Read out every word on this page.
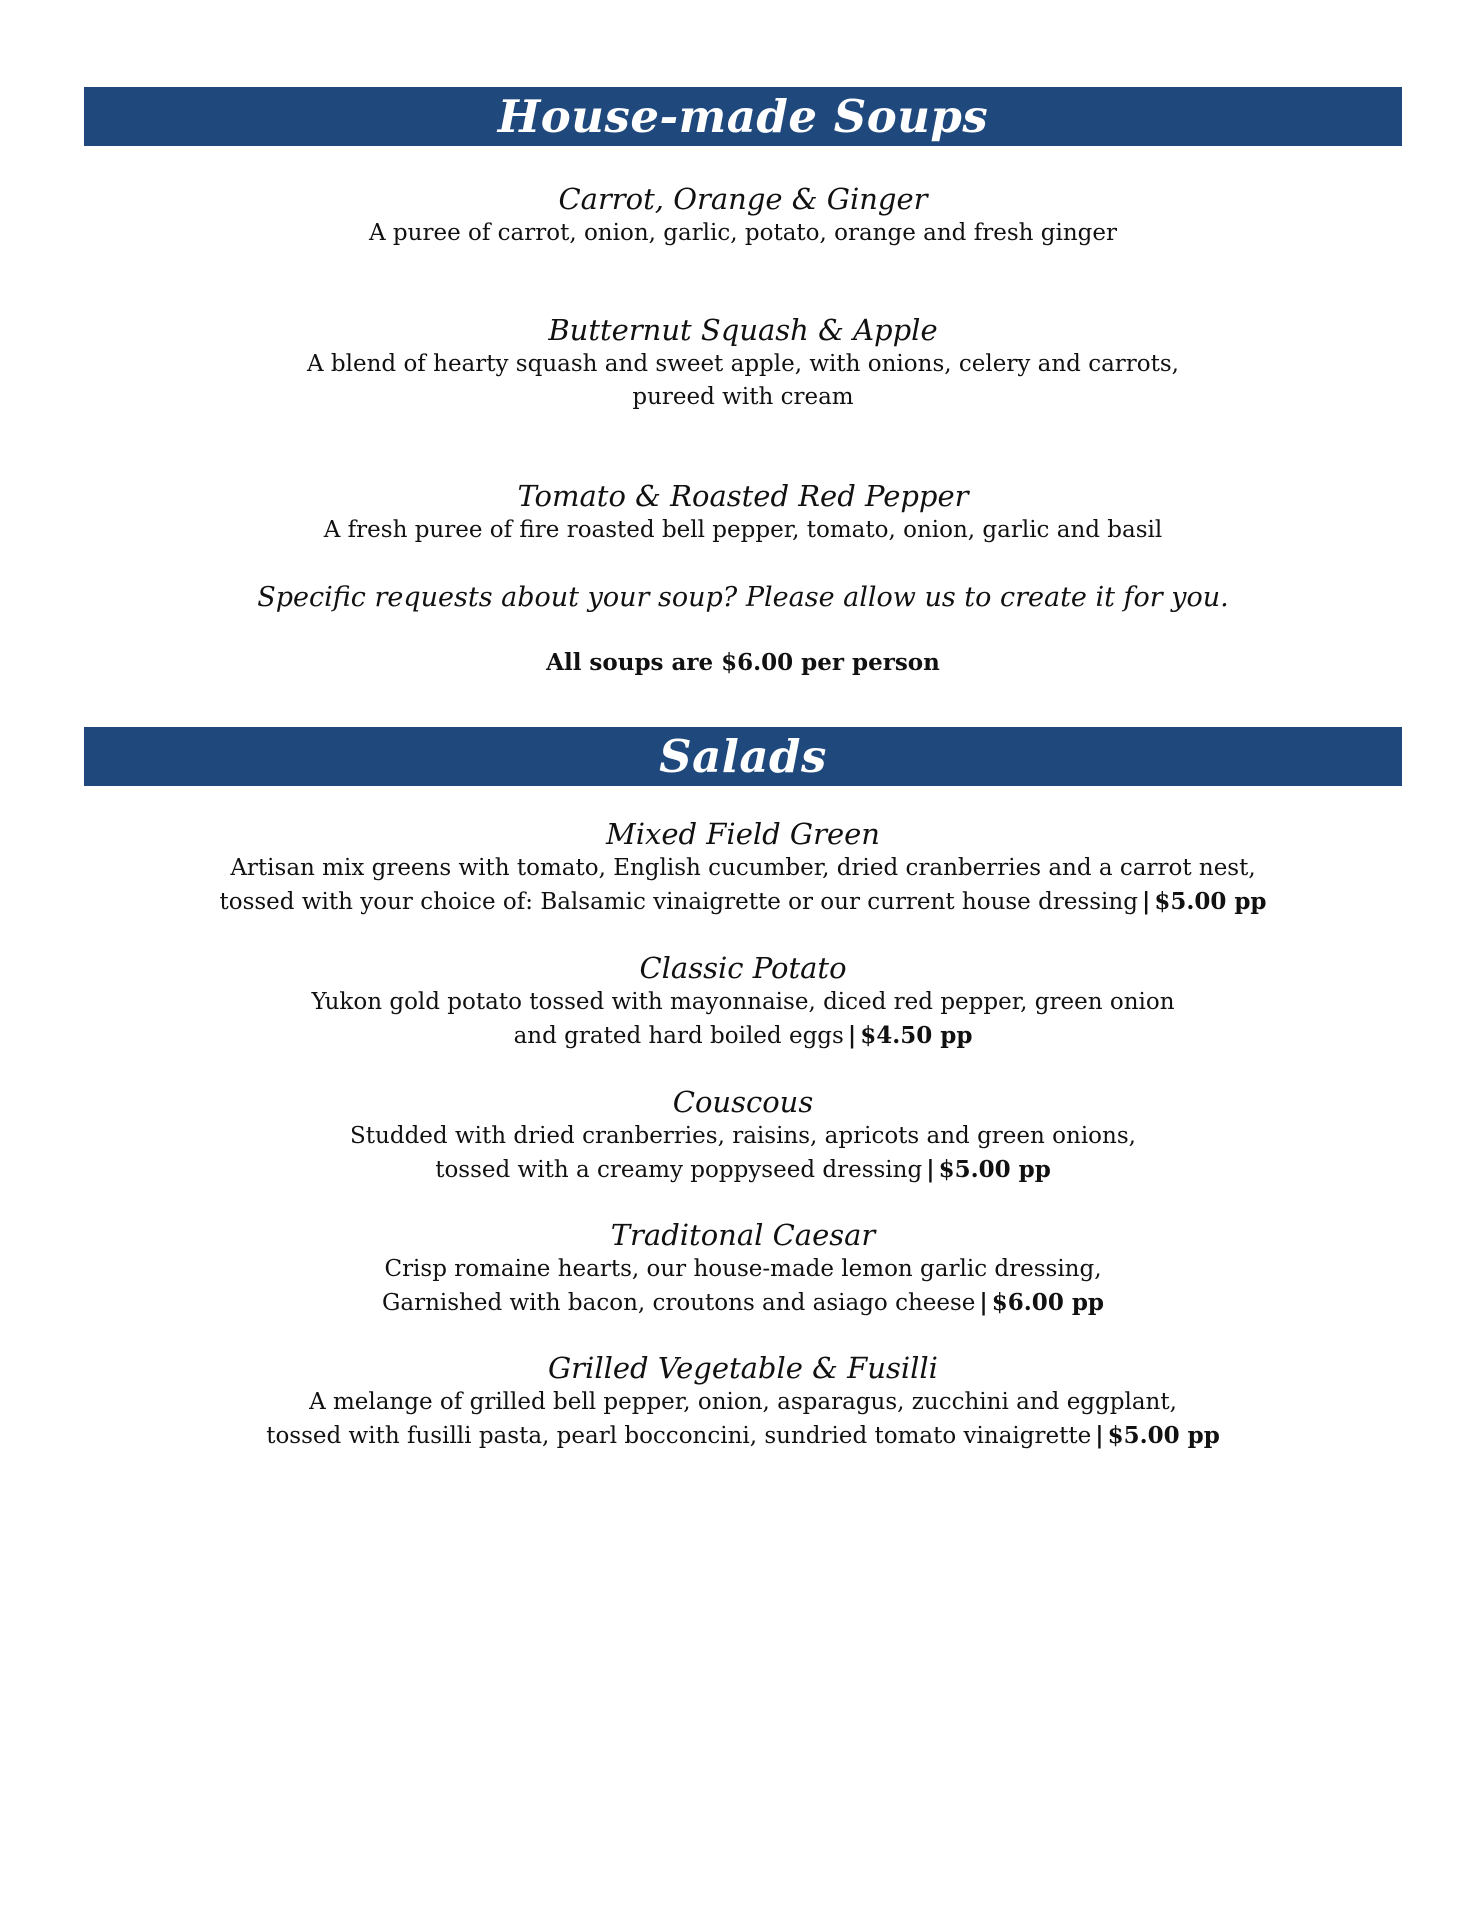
House-made Soups
Carrot, Orange & Ginger
A puree of carrot, onion, garlic, potato, orange and fresh ginger
Butternut Squash & Apple
A blend of hearty squash and sweet apple, with onions, celery and carrots,
pureed with cream
Tomato & Roasted Red Pepper
A fresh puree of fire roasted bell pepper, tomato, onion, garlic and basil
Specific requests about your soup? Please allow us to create it for you.
All soups are $6.00 per person
Salads
Mixed Field Green
Artisan mix greens with tomato, English cucumber, dried cranberries and a carrot nest,
tossed with your choice of: Balsamic vinaigrette or our current house dressing | $5.00 pp
Classic Potato
Yukon gold potato tossed with mayonnaise, diced red pepper, green onion
and grated hard boiled eggs | $4.50 pp
Couscous
Studded with dried cranberries, raisins, apricots and green onions,
tossed with a creamy poppyseed dressing | $5.00 pp
Traditonal Caesar
Crisp romaine hearts, our house-made lemon garlic dressing,
Garnished with bacon, croutons and asiago cheese | $6.00 pp
Grilled Vegetable & Fusilli
A melange of grilled bell pepper, onion, asparagus, zucchini and eggplant,
tossed with fusilli pasta, pearl bocconcini, sundried tomato vinaigrette | $5.00 pp
